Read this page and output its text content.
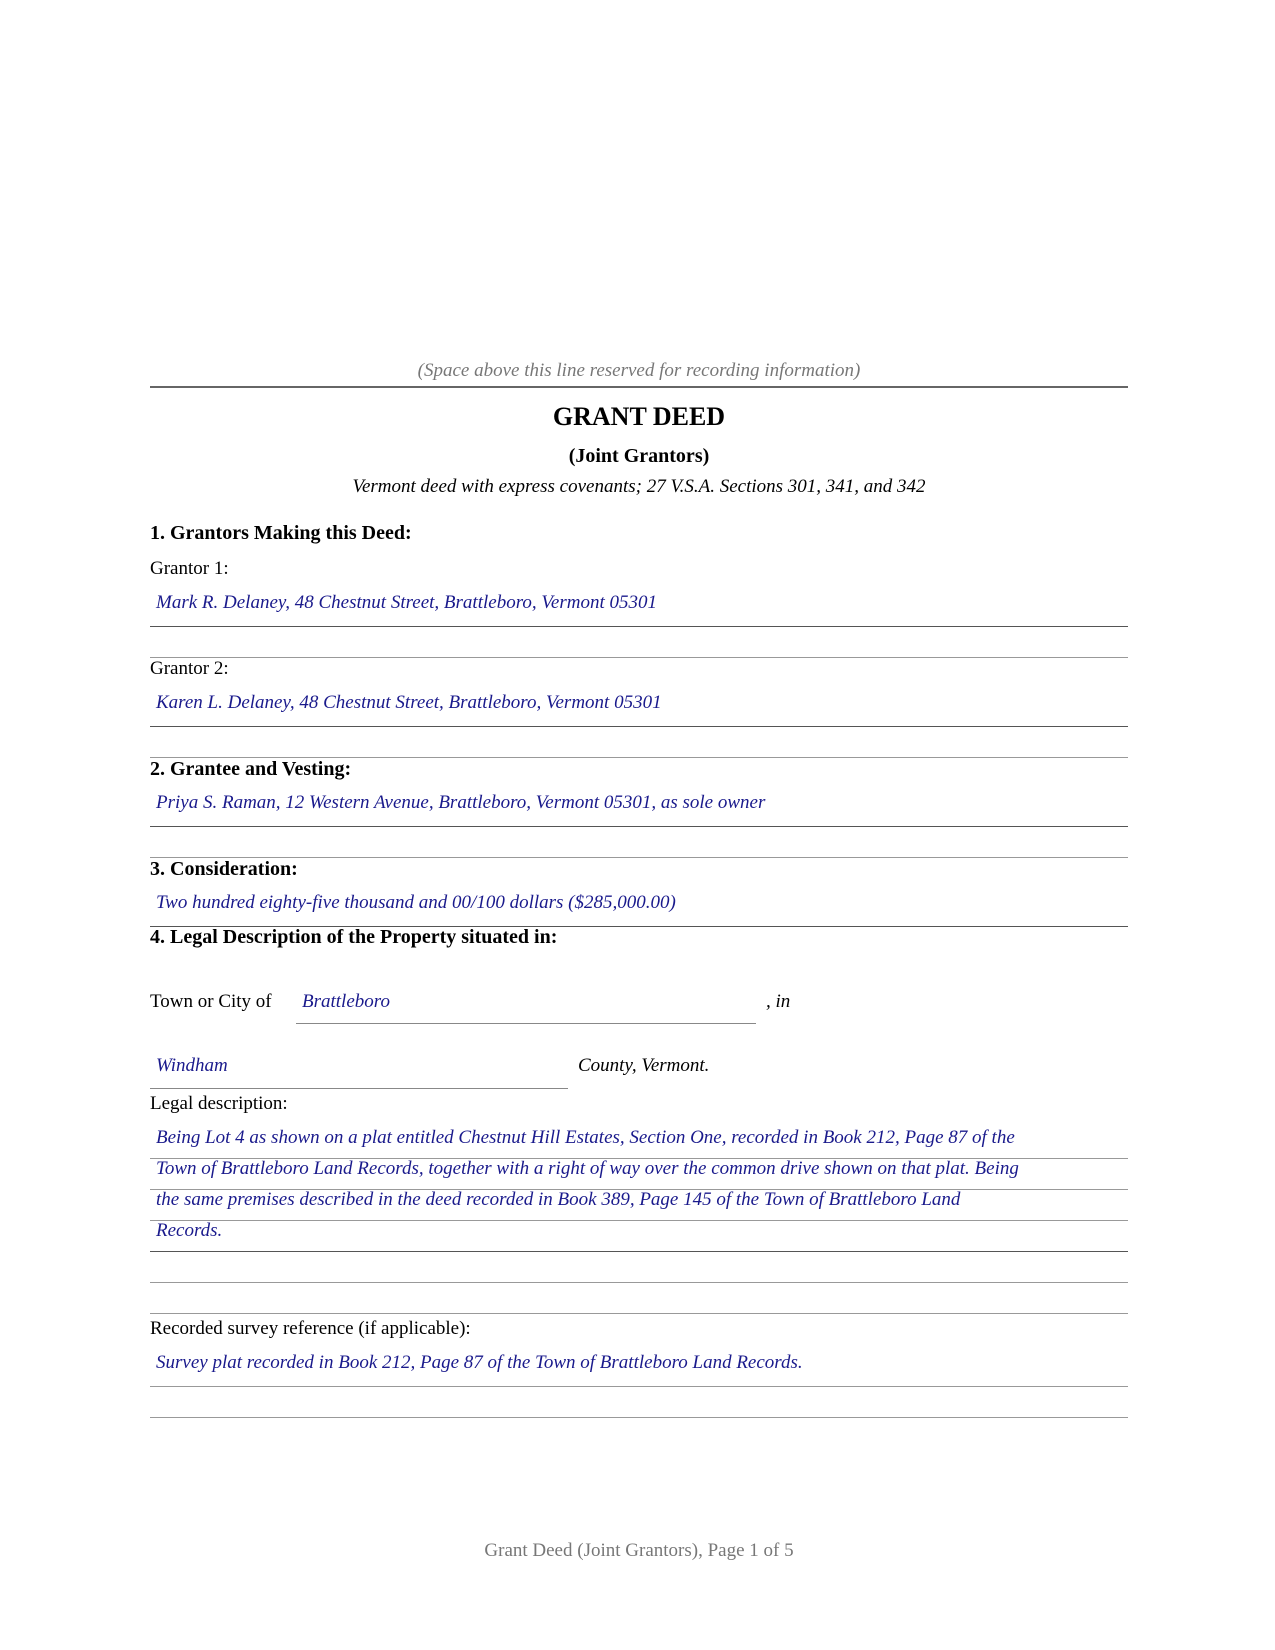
(Space above this line reserved for recording information)
GRANT DEED
(Joint Grantors)
Vermont deed with express covenants; 27 V.S.A. Sections 301, 341, and 342
1. Grantors Making this Deed:
Grantor 1:
Mark R. Delaney, 48 Chestnut Street, Brattleboro, Vermont 05301
Grantor 2:
Karen L. Delaney, 48 Chestnut Street, Brattleboro, Vermont 05301
2. Grantee and Vesting:
Priya S. Raman, 12 Western Avenue, Brattleboro, Vermont 05301, as sole owner
3. Consideration:
Two hundred eighty-five thousand and 00/100 dollars ($285,000.00)
4. Legal Description of the Property situated in:
Town or City of Brattleboro	, in
Windham	County, Vermont.
Legal description:
Being Lot 4 as shown on a plat entitled Chestnut Hill Estates, Section One, recorded in Book 212, Page 87 of the
Town of Brattleboro Land Records, together with a right of way over the common drive shown on that plat. Being
the same premises described in the deed recorded in Book 389, Page 145 of the Town of Brattleboro Land
Records.
Recorded survey reference (if applicable):
Survey plat recorded in Book 212, Page 87 of the Town of Brattleboro Land Records.
Grant Deed (Joint Grantors), Page 1 of 5
